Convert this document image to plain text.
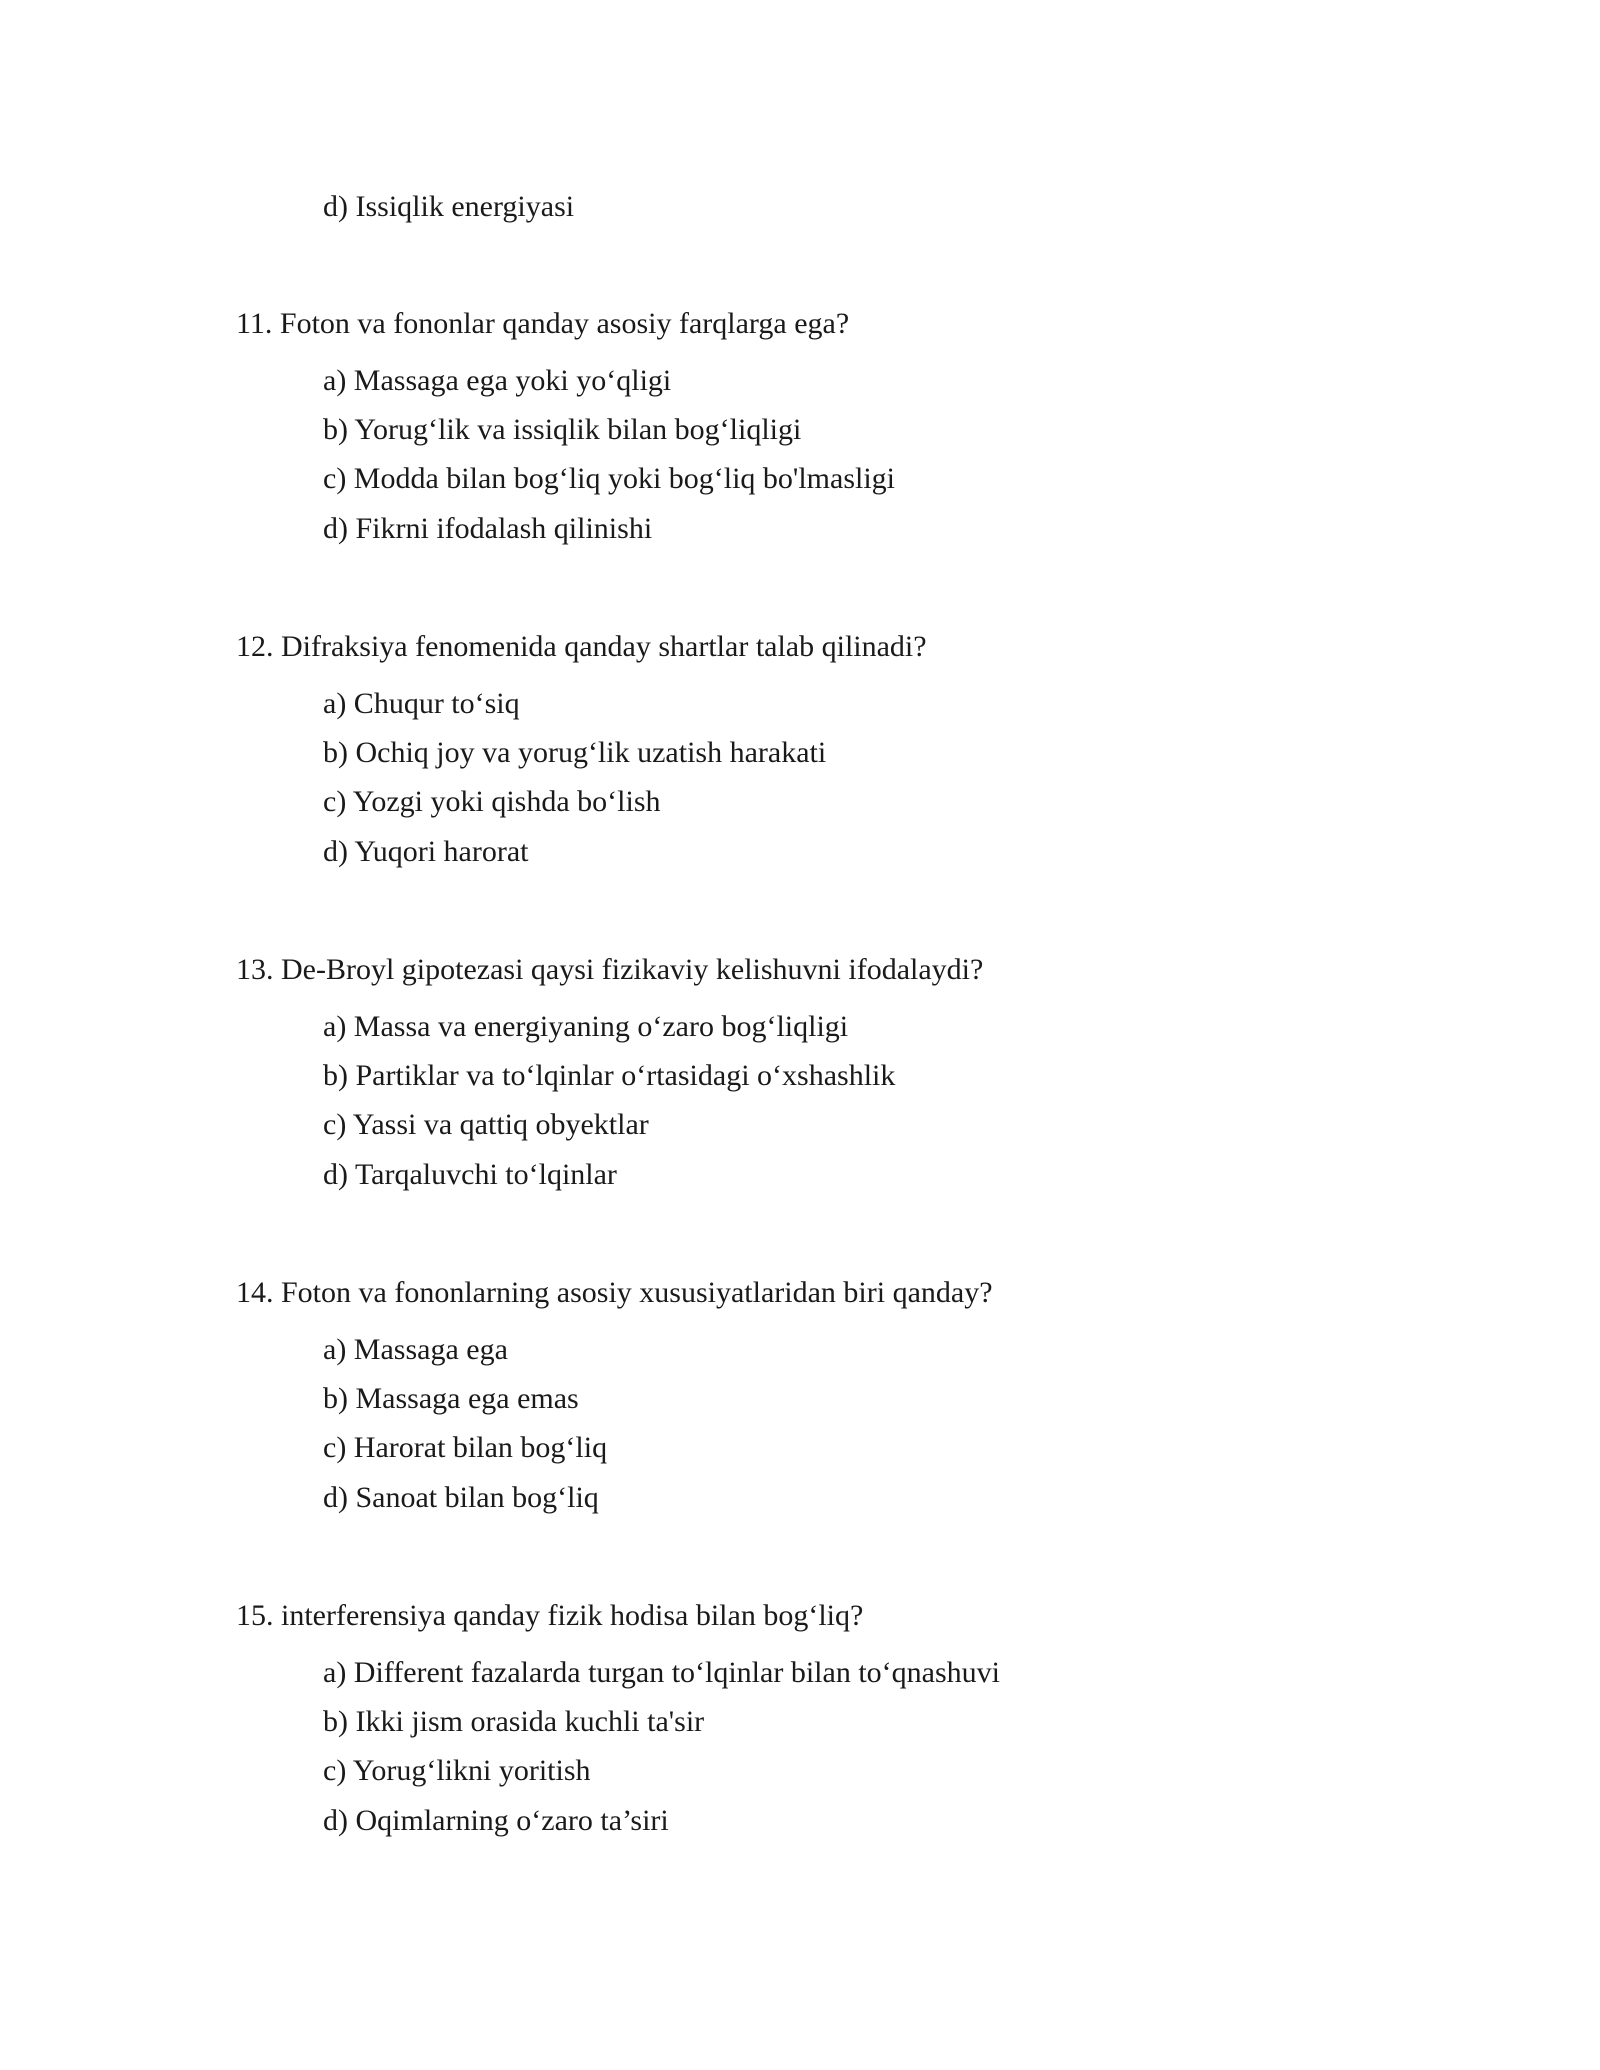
d) Issiqlik energiyasi
11. Foton va fononlar qanday asosiy farqlarga ega?
a) Massaga ega yoki yo‘qligi
b) Yorug‘lik va issiqlik bilan bog‘liqligi
c) Modda bilan bog‘liq yoki bog‘liq bo'lmasligi
d) Fikrni ifodalash qilinishi
12. Difraksiya fenomenida qanday shartlar talab qilinadi?
a) Chuqur to‘siq
b) Ochiq joy va yorug‘lik uzatish harakati
c) Yozgi yoki qishda bo‘lish
d) Yuqori harorat
13. De-Broyl gipotezasi qaysi fizikaviy kelishuvni ifodalaydi?
a) Massa va energiyaning o‘zaro bog‘liqligi
b) Partiklar va to‘lqinlar o‘rtasidagi o‘xshashlik
c) Yassi va qattiq obyektlar
d) Tarqaluvchi to‘lqinlar
14. Foton va fononlarning asosiy xususiyatlaridan biri qanday?
a) Massaga ega
b) Massaga ega emas
c) Harorat bilan bog‘liq
d) Sanoat bilan bog‘liq
15. interferensiya qanday fizik hodisa bilan bog‘liq?
a) Different fazalarda turgan to‘lqinlar bilan to‘qnashuvi
b) Ikki jism orasida kuchli ta'sir
c) Yorug‘likni yoritish
d) Oqimlarning o‘zaro ta’siri
